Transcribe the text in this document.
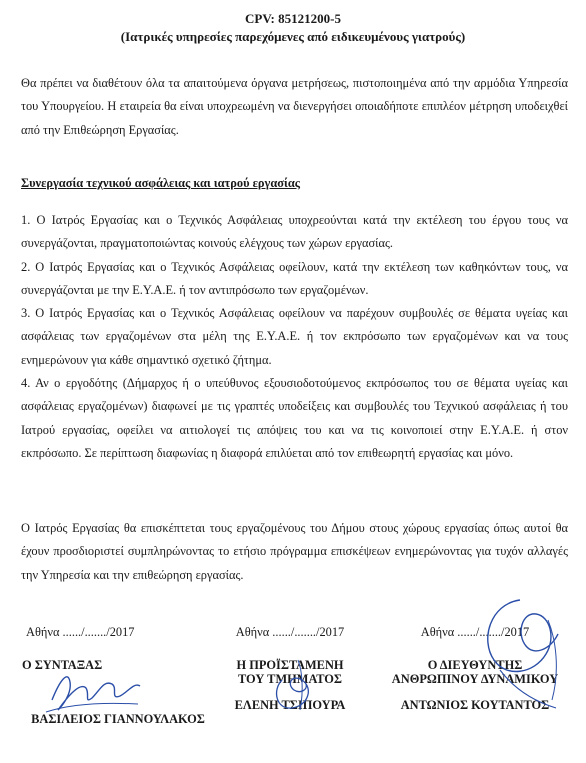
CPV: 85121200-5
(Ιατρικές υπηρεσίες παρεχόμενες από ειδικευμένους γιατρούς)

Θα πρέπει να διαθέτουν όλα τα απαιτούμενα όργανα μετρήσεως, πιστοποιημένα από την αρμόδια Υπηρεσία του Υπουργείου. Η εταιρεία θα είναι υποχρεωμένη να διενεργήσει οποιαδήποτε επιπλέον μέτρηση υποδειχθεί από την Επιθεώρηση Εργασίας.

Συνεργασία τεχνικού ασφάλειας και ιατρού εργασίας

1. Ο Ιατρός Εργασίας και ο Τεχνικός Ασφάλειας υποχρεούνται κατά την εκτέλεση του έργου τους να συνεργάζονται, πραγματοποιώντας κοινούς ελέγχους των χώρων εργασίας.

2. Ο Ιατρός Εργασίας και ο Τεχνικός Ασφάλειας οφείλουν, κατά την εκτέλεση των καθηκόντων τους, να συνεργάζονται με την Ε.Υ.Α.Ε. ή τον αντιπρόσωπο των εργαζομένων.

3. Ο Ιατρός Εργασίας και ο Τεχνικός Ασφάλειας οφείλουν να παρέχουν συμβουλές σε θέματα υγείας και ασφάλειας των εργαζομένων στα μέλη της Ε.Υ.Α.Ε. ή τον εκπρόσωπο των εργαζομένων και να τους ενημερώνουν για κάθε σημαντικό σχετικό ζήτημα.

4. Αν ο εργοδότης (Δήμαρχος ή ο υπεύθυνος εξουσιοδοτούμενος εκπρόσωπος του σε θέματα υγείας και ασφάλειας εργαζομένων) διαφωνεί με τις γραπτές υποδείξεις και συμβουλές του Τεχνικού ασφάλειας ή του Ιατρού εργασίας, οφείλει να αιτιολογεί τις απόψεις του και να τις κοινοποιεί στην Ε.Υ.Α.Ε. ή στον εκπρόσωπο. Σε περίπτωση διαφωνίας η διαφορά επιλύεται από τον επιθεωρητή εργασίας και μόνο.

Ο Ιατρός Εργασίας θα επισκέπτεται τους εργαζομένους του Δήμου στους χώρους εργασίας όπως αυτοί θα έχουν προσδιοριστεί συμπληρώνοντας το ετήσιο πρόγραμμα επισκέψεων ενημερώνοντας για τυχόν αλλαγές την Υπηρεσία και την επιθεώρηση εργασίας.

Αθήνα ....../......./2017
Ο ΣΥΝΤΑΞΑΣ

ΒΑΣΙΛΕΙΟΣ ΓΙΑΝΝΟΥΛΑΚΟΣ
Αθήνα ....../......./2017
Η ΠΡΟΪΣΤΑΜΕΝΗ
ΤΟΥ ΤΜΗΜΑΤΟΣ
ΕΛΕΝΗ ΤΣΙΠΟΥΡΑ
Αθήνα ....../......./2017
Ο ΔΙΕΥΘΥΝΤΗΣ
ΑΝΘΡΩΠΙΝΟΥ ΔΥΝΑΜΙΚΟΥ
ΑΝΤΩΝΙΟΣ ΚΟΥΤΑΝΤΟΣ
